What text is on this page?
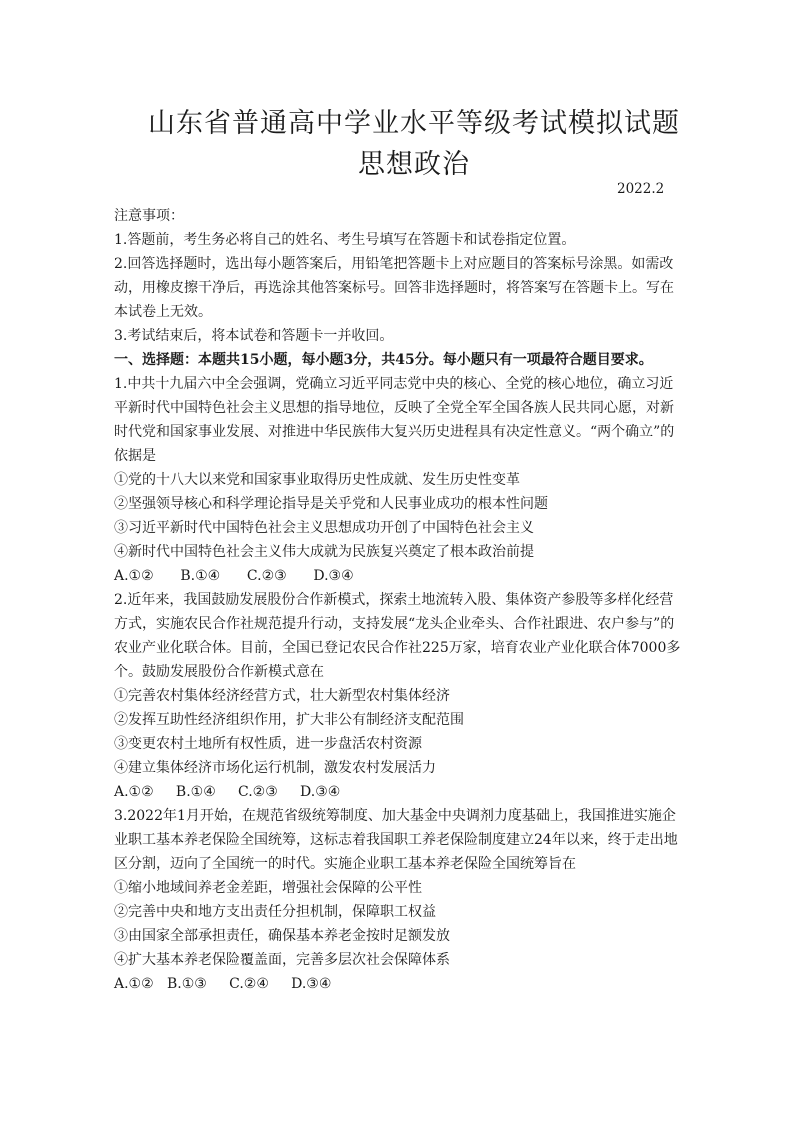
山东省普通高中学业水平等级考试模拟试题
思想政治
2022.2

注意事项：

1.答题前，考生务必将自己的姓名、考生号填写在答题卡和试卷指定位置。

2.回答选择题时，选出每小题答案后，用铅笔把答题卡上对应题目的答案标号涂黑。如需改动，用橡皮擦干净后，再选涂其他答案标号。回答非选择题时，将答案写在答题卡上。写在本试卷上无效。

3.考试结束后，将本试卷和答题卡一并收回。

一、选择题：本题共15小题，每小题3分，共45分。每小题只有一项最符合题目要求。

1.中共十九届六中全会强调，党确立习近平同志党中央的核心、全党的核心地位，确立习近平新时代中国特色社会主义思想的指导地位，反映了全党全军全国各族人民共同心愿，对新时代党和国家事业发展、对推进中华民族伟大复兴历史进程具有决定性意义。“两个确立”的依据是

①党的十八大以来党和国家事业取得历史性成就、发生历史性变革

②坚强领导核心和科学理论指导是关乎党和人民事业成功的根本性问题

③习近平新时代中国特色社会主义思想成功开创了中国特色社会主义

④新时代中国特色社会主义伟大成就为民族复兴奠定了根本政治前提

A.①②      B.①④      C.②③      D.③④

2.近年来，我国鼓励发展股份合作新模式，探索土地流转入股、集体资产参股等多样化经营方式，实施农民合作社规范提升行动，支持发展“龙头企业牵头、合作社跟进、农户参与”的农业产业化联合体。目前，全国已登记农民合作社225万家，培育农业产业化联合体7000多个。鼓励发展股份合作新模式意在

①完善农村集体经济经营方式，壮大新型农村集体经济

②发挥互助性经济组织作用，扩大非公有制经济支配范围

③变更农村土地所有权性质，进一步盘活农村资源

④建立集体经济市场化运行机制，激发农村发展活力

A.①②     B.①④     C.②③     D.③④

3.2022年1月开始，在规范省级统筹制度、加大基金中央调剂力度基础上，我国推进实施企业职工基本养老保险全国统筹，这标志着我国职工养老保险制度建立24年以来，终于走出地区分割，迈向了全国统一的时代。实施企业职工基本养老保险全国统筹旨在

①缩小地域间养老金差距，增强社会保障的公平性

②完善中央和地方支出责任分担机制，保障职工权益

③由国家全部承担责任，确保基本养老金按时足额发放

④扩大基本养老保险覆盖面，完善多层次社会保障体系

A.①②   B.①③     C.②④     D.③④
